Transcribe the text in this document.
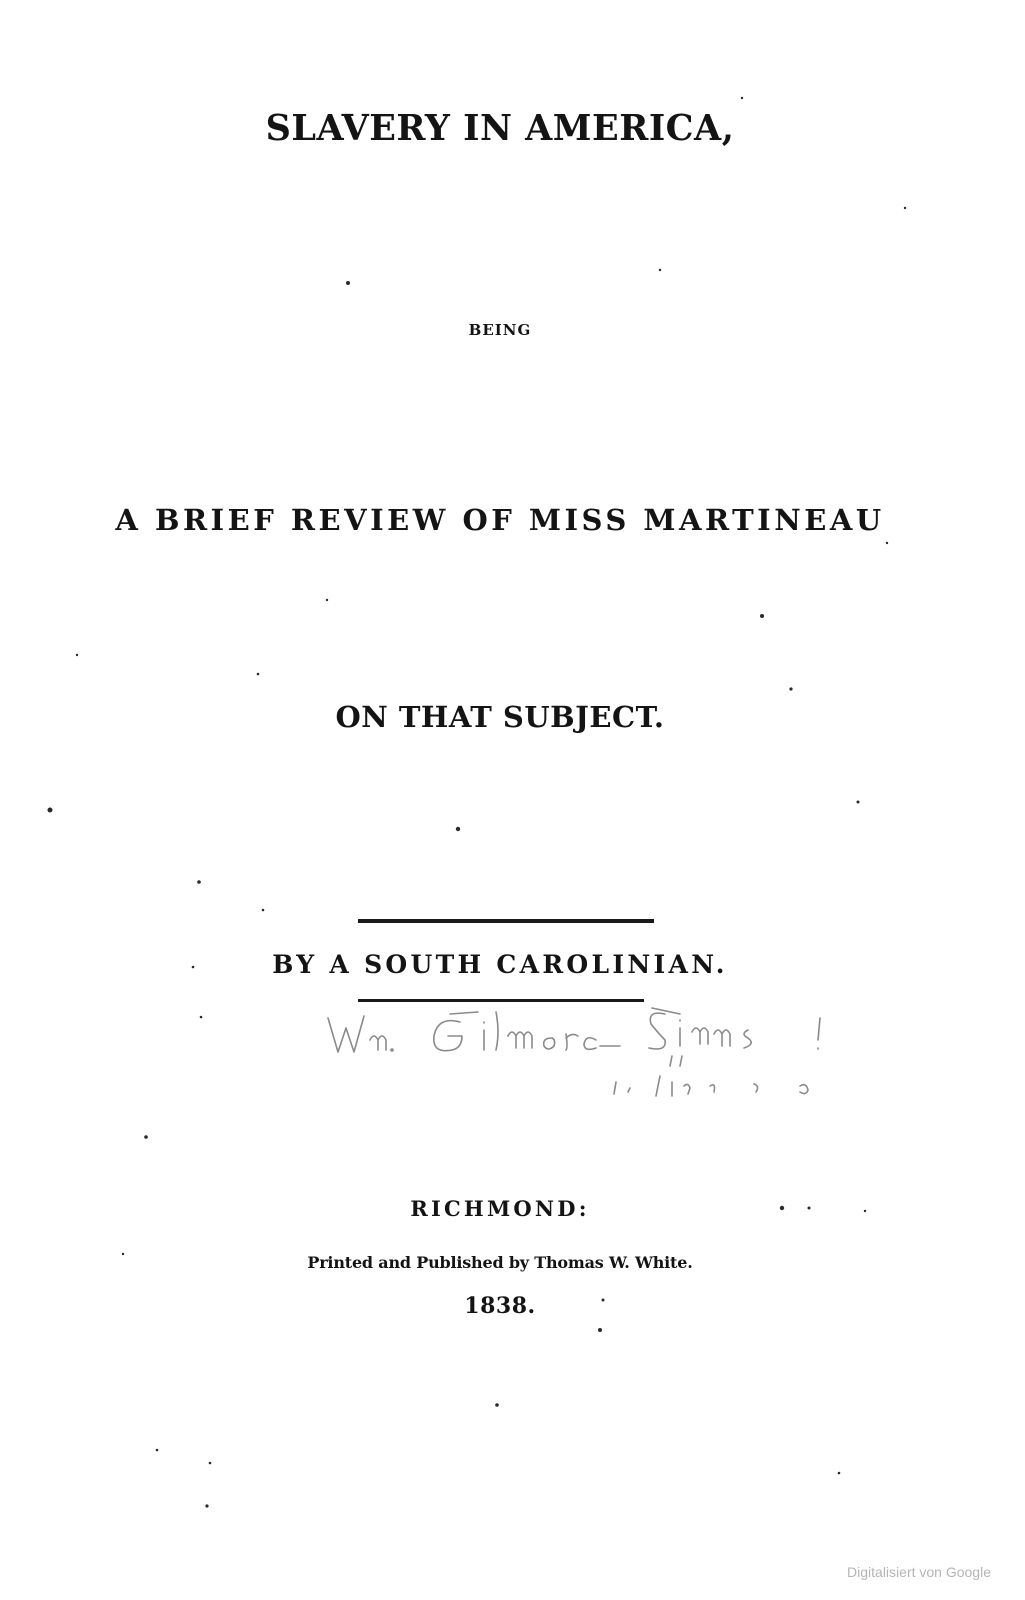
SLAVERY IN AMERICA,
BEING
A BRIEF REVIEW OF MISS MARTINEAU
ON THAT SUBJECT.
BY A SOUTH CAROLINIAN.
RICHMOND:
Printed and Published by Thomas W. White.
1838.
Digitalisiert von Google
